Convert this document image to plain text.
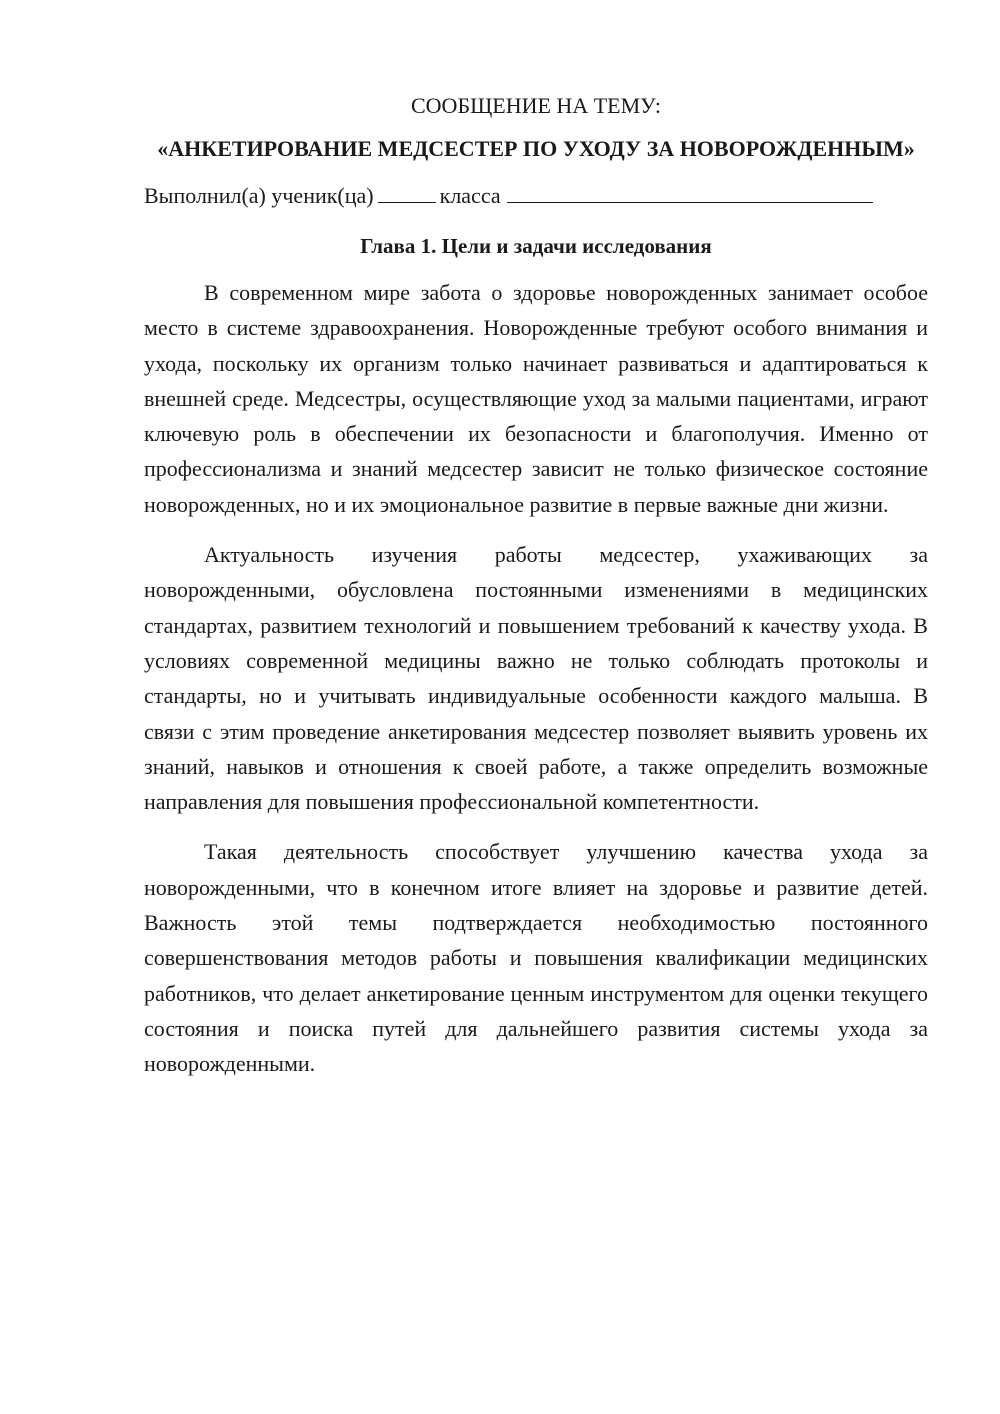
СООБЩЕНИЕ НА ТЕМУ:

«АНКЕТИРОВАНИЕ МЕДСЕСТЕР ПО УХОДУ ЗА НОВОРОЖДЕННЫМ»

Выполнил(а) ученик(ца)	класса

Глава 1. Цели и задачи исследования

В современном мире забота о здоровье новорожденных занимает особое место в системе здравоохранения. Новорожденные требуют особого внимания и ухода, поскольку их организм только начинает развиваться и адаптироваться к внешней среде. Медсестры, осуществляющие уход за малыми пациентами, играют ключевую роль в обеспечении их безопасности и благополучия. Именно от профессионализма и знаний медсестер зависит не только физическое состояние новорожденных, но и их эмоциональное развитие в первые важные дни жизни.

Актуальность изучения работы медсестер, ухаживающих за новорожденными, обусловлена постоянными изменениями в медицинских стандартах, развитием технологий и повышением требований к качеству ухода. В условиях современной медицины важно не только соблюдать протоколы и стандарты, но и учитывать индивидуальные особенности каждого малыша. В связи с этим проведение анкетирования медсестер позволяет выявить уровень их знаний, навыков и отношения к своей работе, а также определить возможные направления для повышения профессиональной компетентности.

Такая деятельность способствует улучшению качества ухода за новорожденными, что в конечном итоге влияет на здоровье и развитие детей. Важность этой темы подтверждается необходимостью постоянного совершенствования методов работы и повышения квалификации медицинских работников, что делает анкетирование ценным инструментом для оценки текущего состояния и поиска путей для дальнейшего развития системы ухода за новорожденными.
